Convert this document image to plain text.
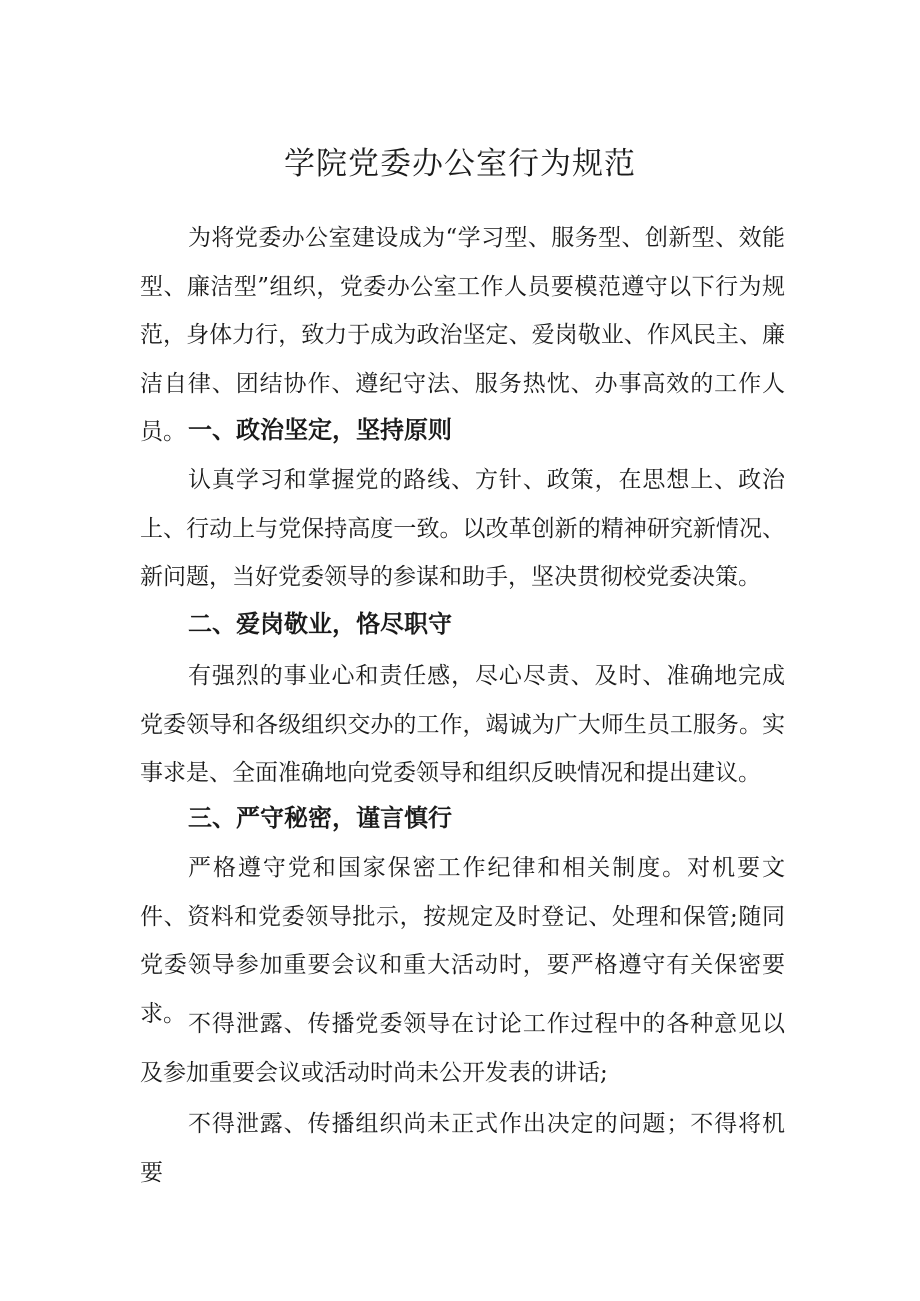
学院党委办公室行为规范

为将党委办公室建设成为“学习型、服务型、创新型、效能型、廉洁型”组织，党委办公室工作人员要模范遵守以下行为规范，身体力行，致力于成为政治坚定、爱岗敬业、作风民主、廉洁自律、团结协作、遵纪守法、服务热忱、办事高效的工作人员。 一、政治坚定，坚持原则

认真学习和掌握党的路线、方针、政策，在思想上、政治上、行动上与党保持高度一致。以改革创新的精神研究新情况、新问题，当好党委领导的参谋和助手，坚决贯彻校党委决策。

二、爱岗敬业，恪尽职守

有强烈的事业心和责任感，尽心尽责、及时、准确地完成党委领导和各级组织交办的工作，竭诚为广大师生员工服务。实事求是、全面准确地向党委领导和组织反映情况和提出建议。

三、严守秘密，谨言慎行

严格遵守党和国家保密工作纪律和相关制度。对机要文件、资料和党委领导批示，按规定及时登记、处理和保管;随同党委领导参加重要会议和重大活动时，要严格遵守有关保密要求。 不得泄露、传播党委领导在讨论工作过程中的各种意见以及参加重要会议或活动时尚未公开发表的讲话;

不得泄露、传播组织尚未正式作出决定的问题；不得将机要
